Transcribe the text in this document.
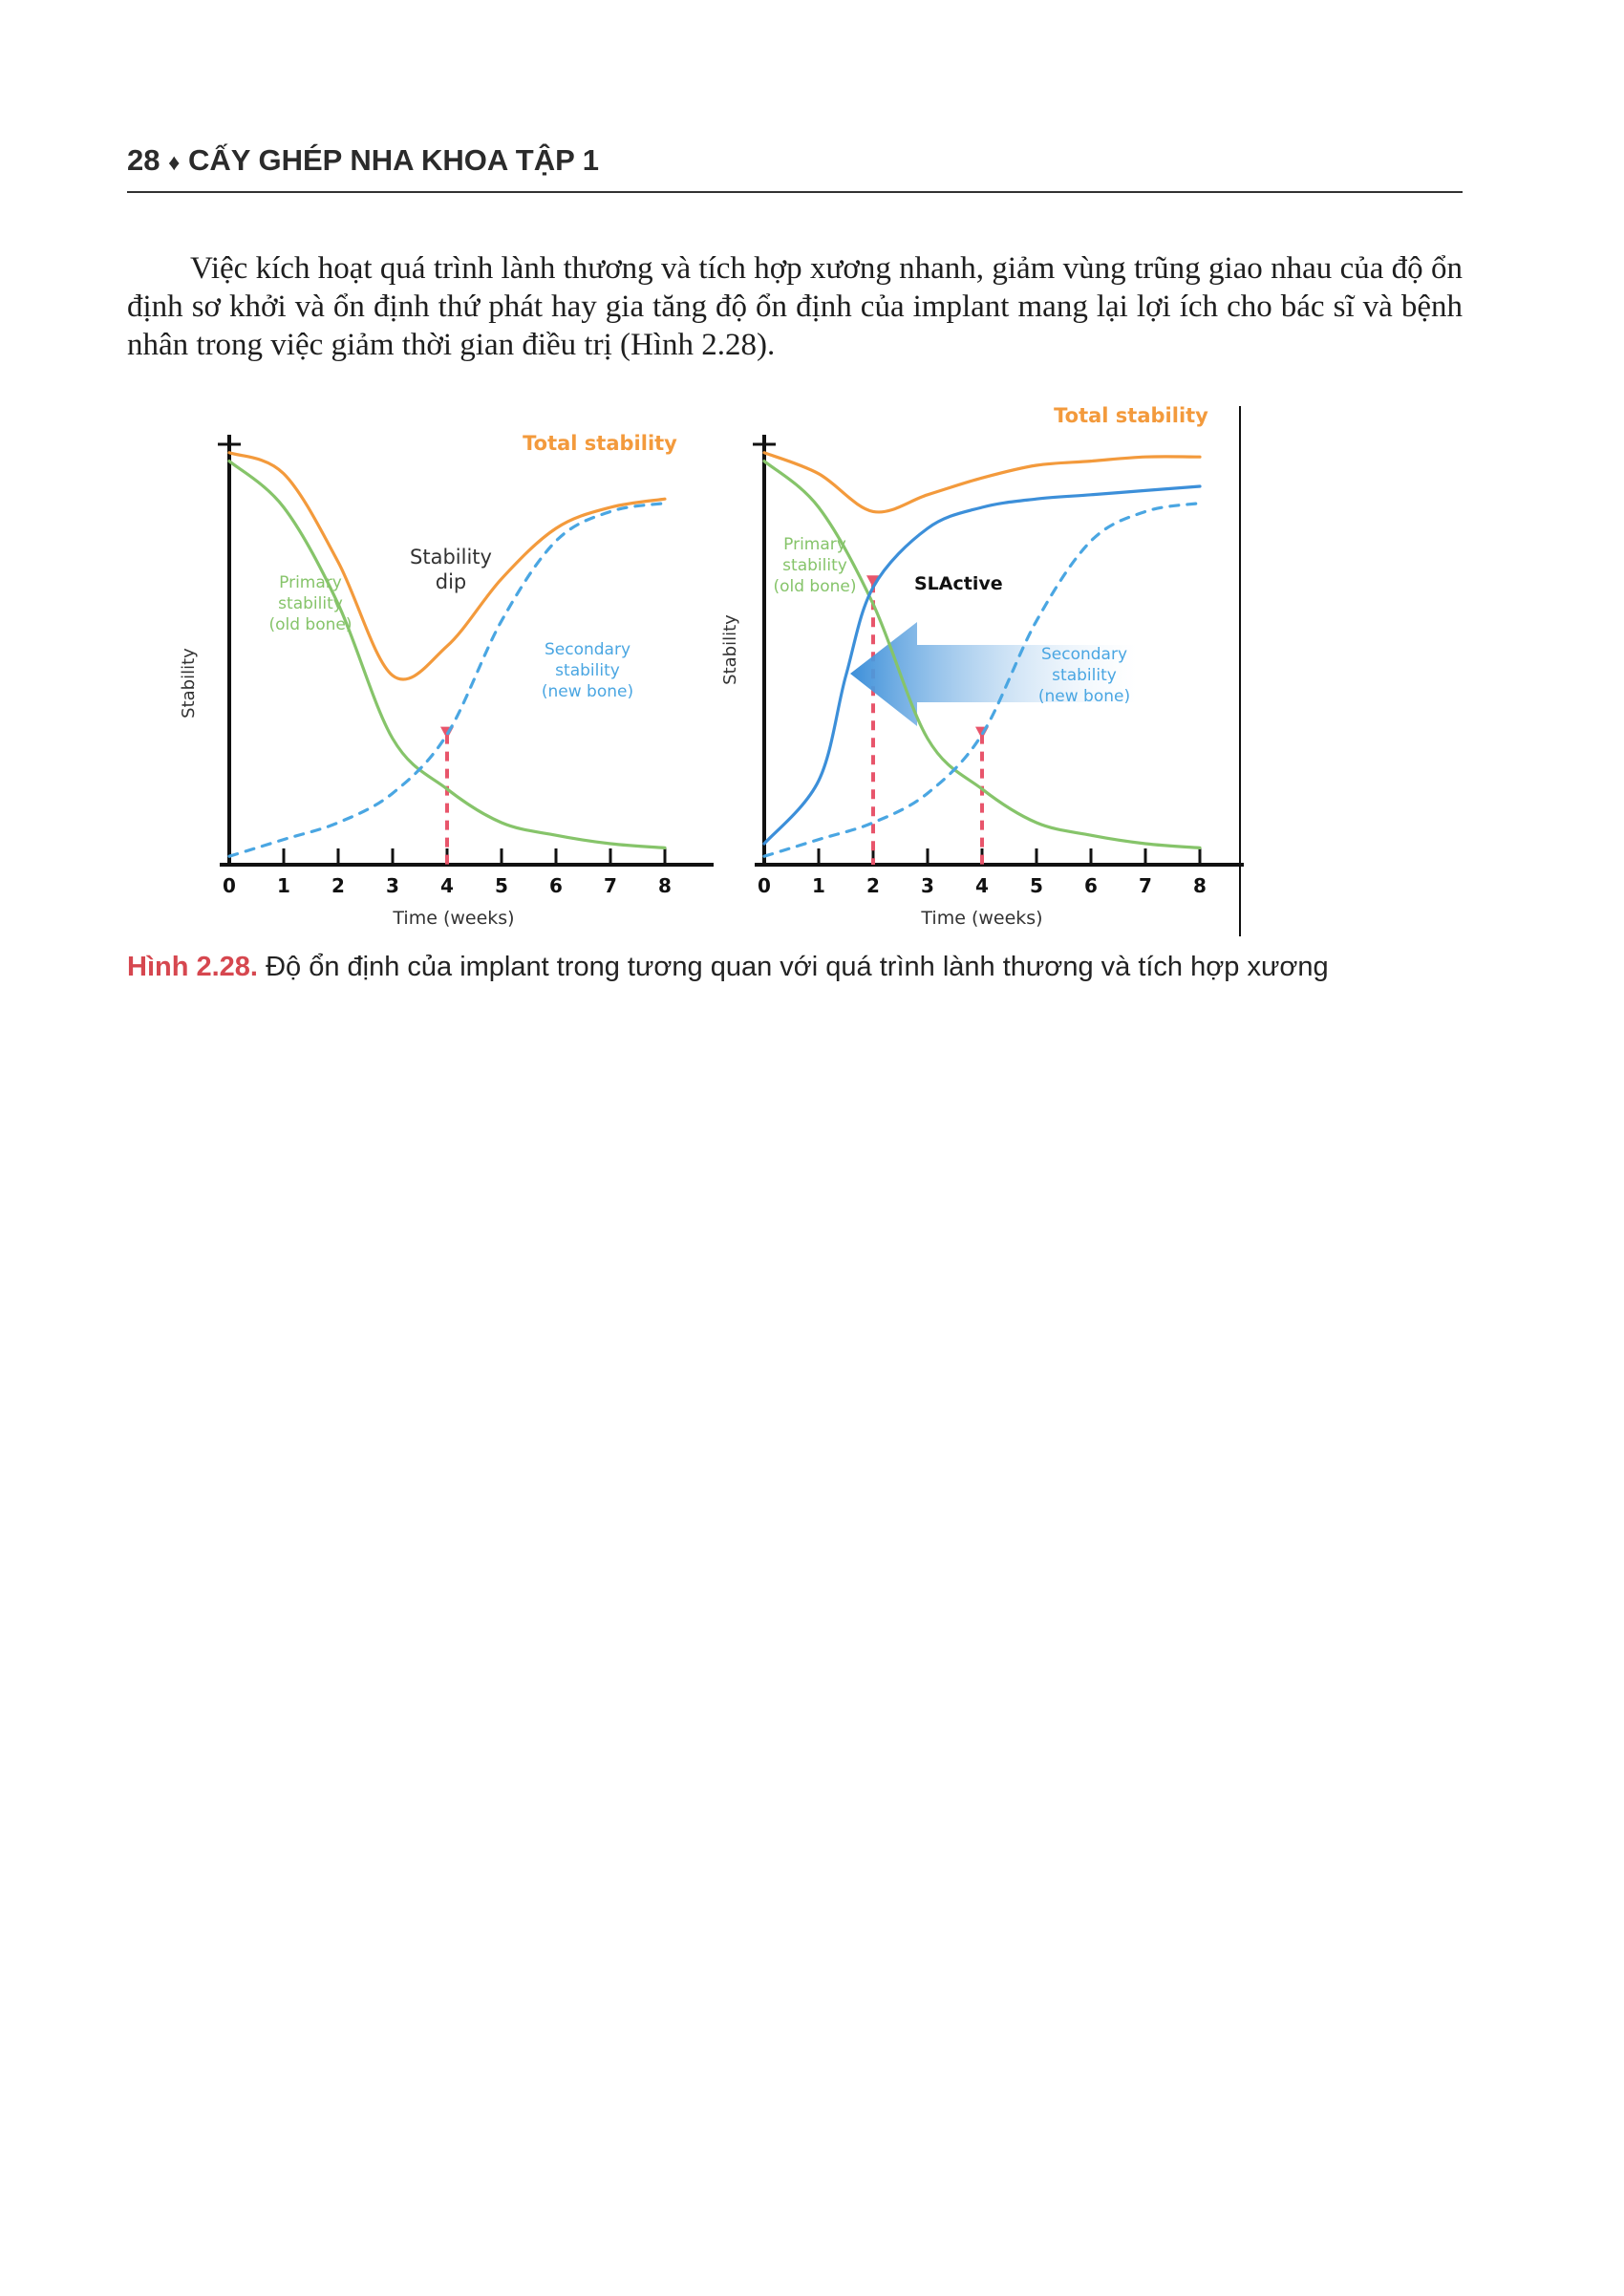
28 ♦ CẤY GHÉP NHA KHOA TẬP 1
Việc kích hoạt quá trình lành thương và tích hợp xương nhanh, giảm vùng trũng giao nhau của độ ổn định sơ khởi và ổn định thứ phát hay gia tăng độ ổn định của implant mang lại lợi ích cho bác sĩ và bệnh nhân trong việc giảm thời gian điều trị (Hình 2.28).
Stability
Time (weeks)
0 1 2 3 4 5 6 7 8
Total stability
Primary stability (old bone)
Secondary stability (new bone)
Stability dip
Stability
Time (weeks)
0 1 2 3 4 5 6 7 8
Total stability
Primary stability (old bone)	SLActive
Secondary stability (new bone)
Hình 2.28. Độ ổn định của implant trong tương quan với quá trình lành thương và tích hợp xương
